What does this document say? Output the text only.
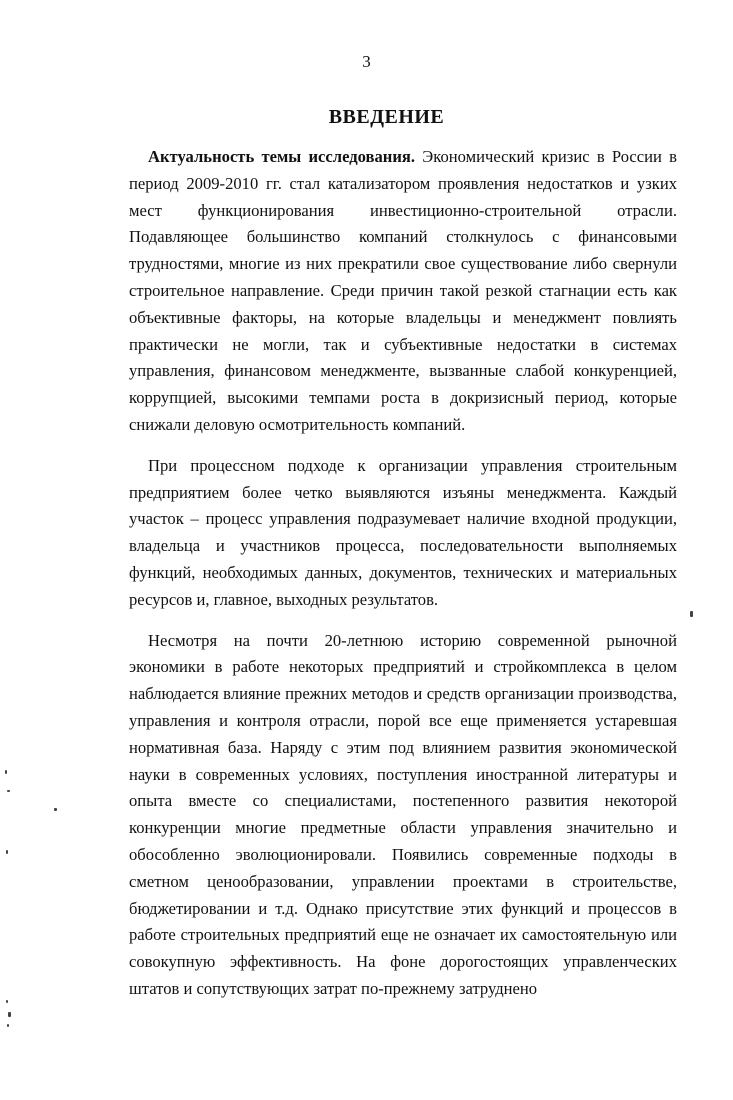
3
ВВЕДЕНИЕ

Актуальность темы исследования. Экономический кризис в России в период 2009-2010 гг. стал катализатором проявления недостатков и узких мест функционирования инвестиционно-строительной отрасли. Подавляющее большинство компаний столкнулось с финансовыми трудностями, многие из них прекратили свое существование либо свернули строительное направление. Среди причин такой резкой стагнации есть как объективные факторы, на которые владельцы и менеджмент повлиять практически не могли, так и субъективные недостатки в системах управления, финансовом менеджменте, вызванные слабой конкуренцией, коррупцией, высокими темпами роста в докризисный период, которые снижали деловую осмотрительность компаний.

При процессном подходе к организации управления строительным предприятием более четко выявляются изъяны менеджмента. Каждый участок – процесс управления подразумевает наличие входной продукции, владельца и участников процесса, последовательности выполняемых функций, необходимых данных, документов, технических и материальных ресурсов и, главное, выходных результатов.

Несмотря на почти 20-летнюю историю современной рыночной экономики в работе некоторых предприятий и стройкомплекса в целом наблюдается влияние прежних методов и средств организации производства, управления и контроля отрасли, порой все еще применяется устаревшая нормативная база. Наряду с этим под влиянием развития экономической науки в современных условиях, поступления иностранной литературы и опыта вместе со специалистами, постепенного развития некоторой конкуренции многие предметные области управления значительно и обособленно эволюционировали. Появились современные подходы в сметном ценообразовании, управлении проектами в строительстве, бюджетировании и т.д. Однако присутствие этих функций и процессов в работе строительных предприятий еще не означает их самостоятельную или совокупную эффективность. На фоне дорогостоящих управленческих штатов и сопутствующих затрат по-прежнему затруднено
